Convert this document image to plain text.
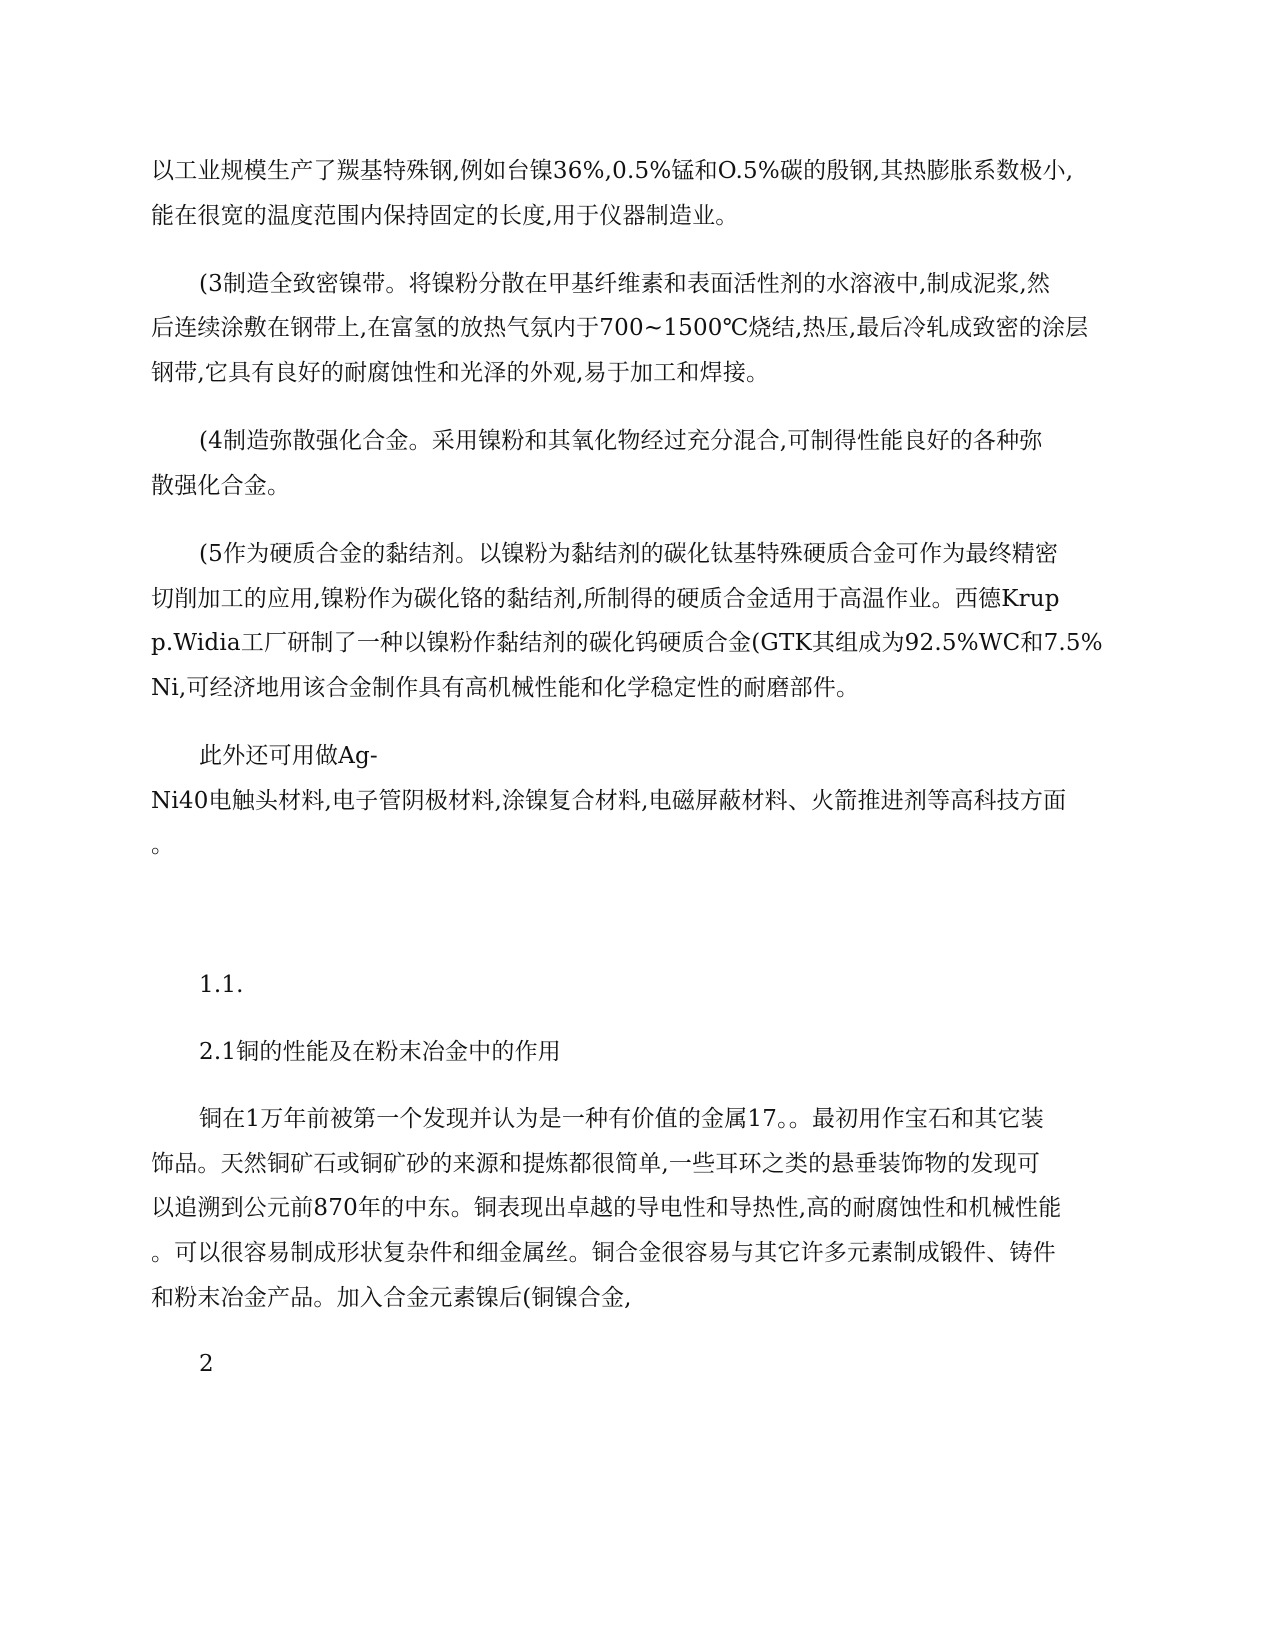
以工业规模生产了羰基特殊钢,例如台镍36%,0.5%锰和O.5%碳的殷钢,其热膨胀系数极小,
能在很宽的温度范围内保持固定的长度,用于仪器制造业。
(3制造全致密镍带。将镍粉分散在甲基纤维素和表面活性剂的水溶液中,制成泥浆,然
后连续涂敷在钢带上,在富氢的放热气氛内于700~1500℃烧结,热压,最后冷轧成致密的涂层
钢带,它具有良好的耐腐蚀性和光泽的外观,易于加工和焊接。
(4制造弥散强化合金。采用镍粉和其氧化物经过充分混合,可制得性能良好的各种弥
散强化合金。
(5作为硬质合金的黏结剂。以镍粉为黏结剂的碳化钛基特殊硬质合金可作为最终精密
切削加工的应用,镍粉作为碳化铬的黏结剂,所制得的硬质合金适用于高温作业。西德Krup
p.Widia工厂研制了一种以镍粉作黏结剂的碳化钨硬质合金(GTK其组成为92.5%WC和7.5%
Ni,可经济地用该合金制作具有高机械性能和化学稳定性的耐磨部件。
此外还可用做Ag-
Ni40电触头材料,电子管阴极材料,涂镍复合材料,电磁屏蔽材料、火箭推进剂等高科技方面
。
1.1.
2.1铜的性能及在粉末冶金中的作用
铜在1万年前被第一个发现并认为是一种有价值的金属17。。最初用作宝石和其它装
饰品。天然铜矿石或铜矿砂的来源和提炼都很简单,一些耳环之类的悬垂装饰物的发现可
以追溯到公元前870年的中东。铜表现出卓越的导电性和导热性,高的耐腐蚀性和机械性能
。可以很容易制成形状复杂件和细金属丝。铜合金很容易与其它许多元素制成锻件、铸件
和粉末冶金产品。加入合金元素镍后(铜镍合金,
2
